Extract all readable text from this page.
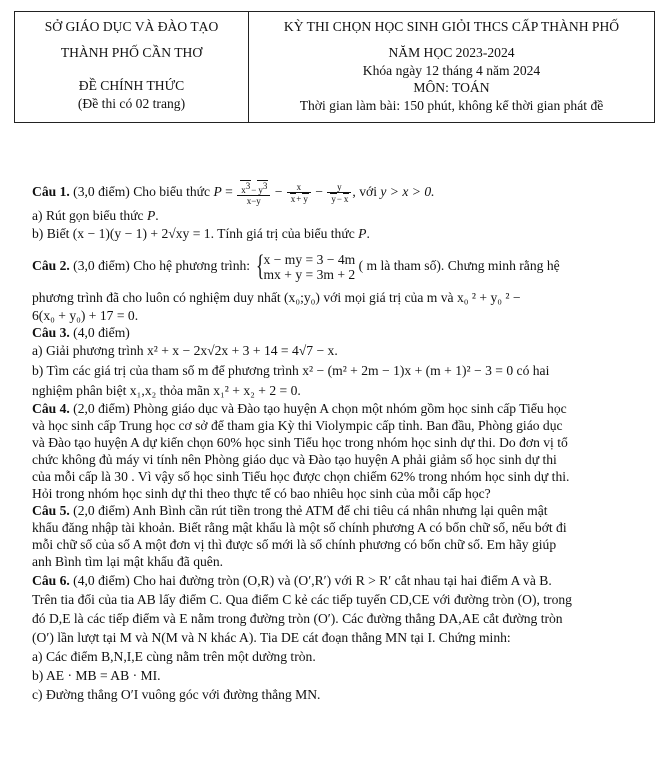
SỞ GIÁO DỤC VÀ ĐÀO TẠO
THÀNH PHỐ CẦN THƠ
ĐỀ CHÍNH THỨC
(Đề thi có 02 trang)
KỲ THI CHỌN HỌC SINH GIỎI THCS CẤP THÀNH PHỐ
NĂM HỌC 2023-2024
Khóa ngày 12 tháng 4 năm 2024
MÔN: TOÁN
Thời gian làm bài: 150 phút, không kể thời gian phát đề
Câu 1. (3,0 điểm) Cho biểu thức $P = \frac{x^3- y^3}{x-y} - \frac{x}{x+ y} - \frac{y}{y- x}$ , với y > x > 0.
a) Rút gọn biểu thức P.
b) Biết (x − 1)(y − 1) + 2√xy = 1. Tính giá trị của biểu thức P.
Câu 2. (3,0 điểm) Cho hệ phương trình:
{ x − my = 3 − 4m
mx + y = 3m + 2
( m là tham số). Chưng minh rằng hệ
phương trình đã cho luôn có nghiệm duy nhất (x₀;y₀) với mọi giá trị của m và x₀ ² + y₀ ² −
6(x₀ + y₀) + 17 = 0.
Câu 3. (4,0 điểm)
a) Giải phương trình x² + x − 2x√2x + 3 + 14 = 4√7 − x.
b) Tìm các giá trị của tham số m để phương trình x² − (m² + 2m − 1)x + (m + 1)² − 3 = 0 có hai
nghiệm phân biệt x₁,x₂ thỏa mãn x₁² + x₂ + 2 = 0.
Câu 4. (2,0 điểm) Phòng giáo dục và Đào tạo huyện A chọn một nhóm gồm học sinh cấp Tiểu học
và học sinh cấp Trung học cơ sở để tham gia Kỳ thi Violympic cấp tỉnh. Ban đầu, Phòng giáo dục
và Đào tạo huyện A dự kiến chọn 60% học sinh Tiểu học trong nhóm học sinh dự thi. Do đơn vị tổ
chức không đủ máy vi tính nên Phòng giáo dục và Đào tạo huyện A phải giảm số học sinh dự thi
của mỗi cấp là 30 . Vì vậy số học sinh Tiểu học được chọn chiếm 62% trong nhóm học sinh dự thi.
Hỏi trong nhóm học sinh dự thi theo thực tế có bao nhiêu học sinh của mỗi cấp học?
Câu 5. (2,0 điểm) Anh Bình cần rút tiền trong thẻ ATM để chi tiêu cá nhân nhưng lại quên mật
khẩu đăng nhập tài khoản. Biết rằng mật khẩu là một số chính phương A có bốn chữ số, nếu bớt đi
mỗi chữ số của số A một đơn vị thì được số mới là số chính phương có bốn chữ số. Em hãy giúp
anh Bình tìm lại mật khẩu đã quên.
Câu 6. (4,0 điểm) Cho hai đường tròn (O,R) và (O′,R′) với R > R′ cắt nhau tại hai điểm A và B.
Trên tia đối của tia AB lấy điểm C. Qua điểm C kẻ các tiếp tuyến CD,CE với đường tròn (O), trong
đó D,E là các tiếp điểm và E nằm trong đường tròn (O′). Các đường thẳng DA,AE cắt đường tròn
(O′) lần lượt tại M và N(M và N khác A). Tia DE cát đoạn thẳng MN tại I. Chứng minh:
a) Các điểm B,N,I,E cùng nằm trên một dường tròn.
b) AE · MB = AB · MI.
c) Đường thẳng O′I vuông góc với đường thẳng MN.
